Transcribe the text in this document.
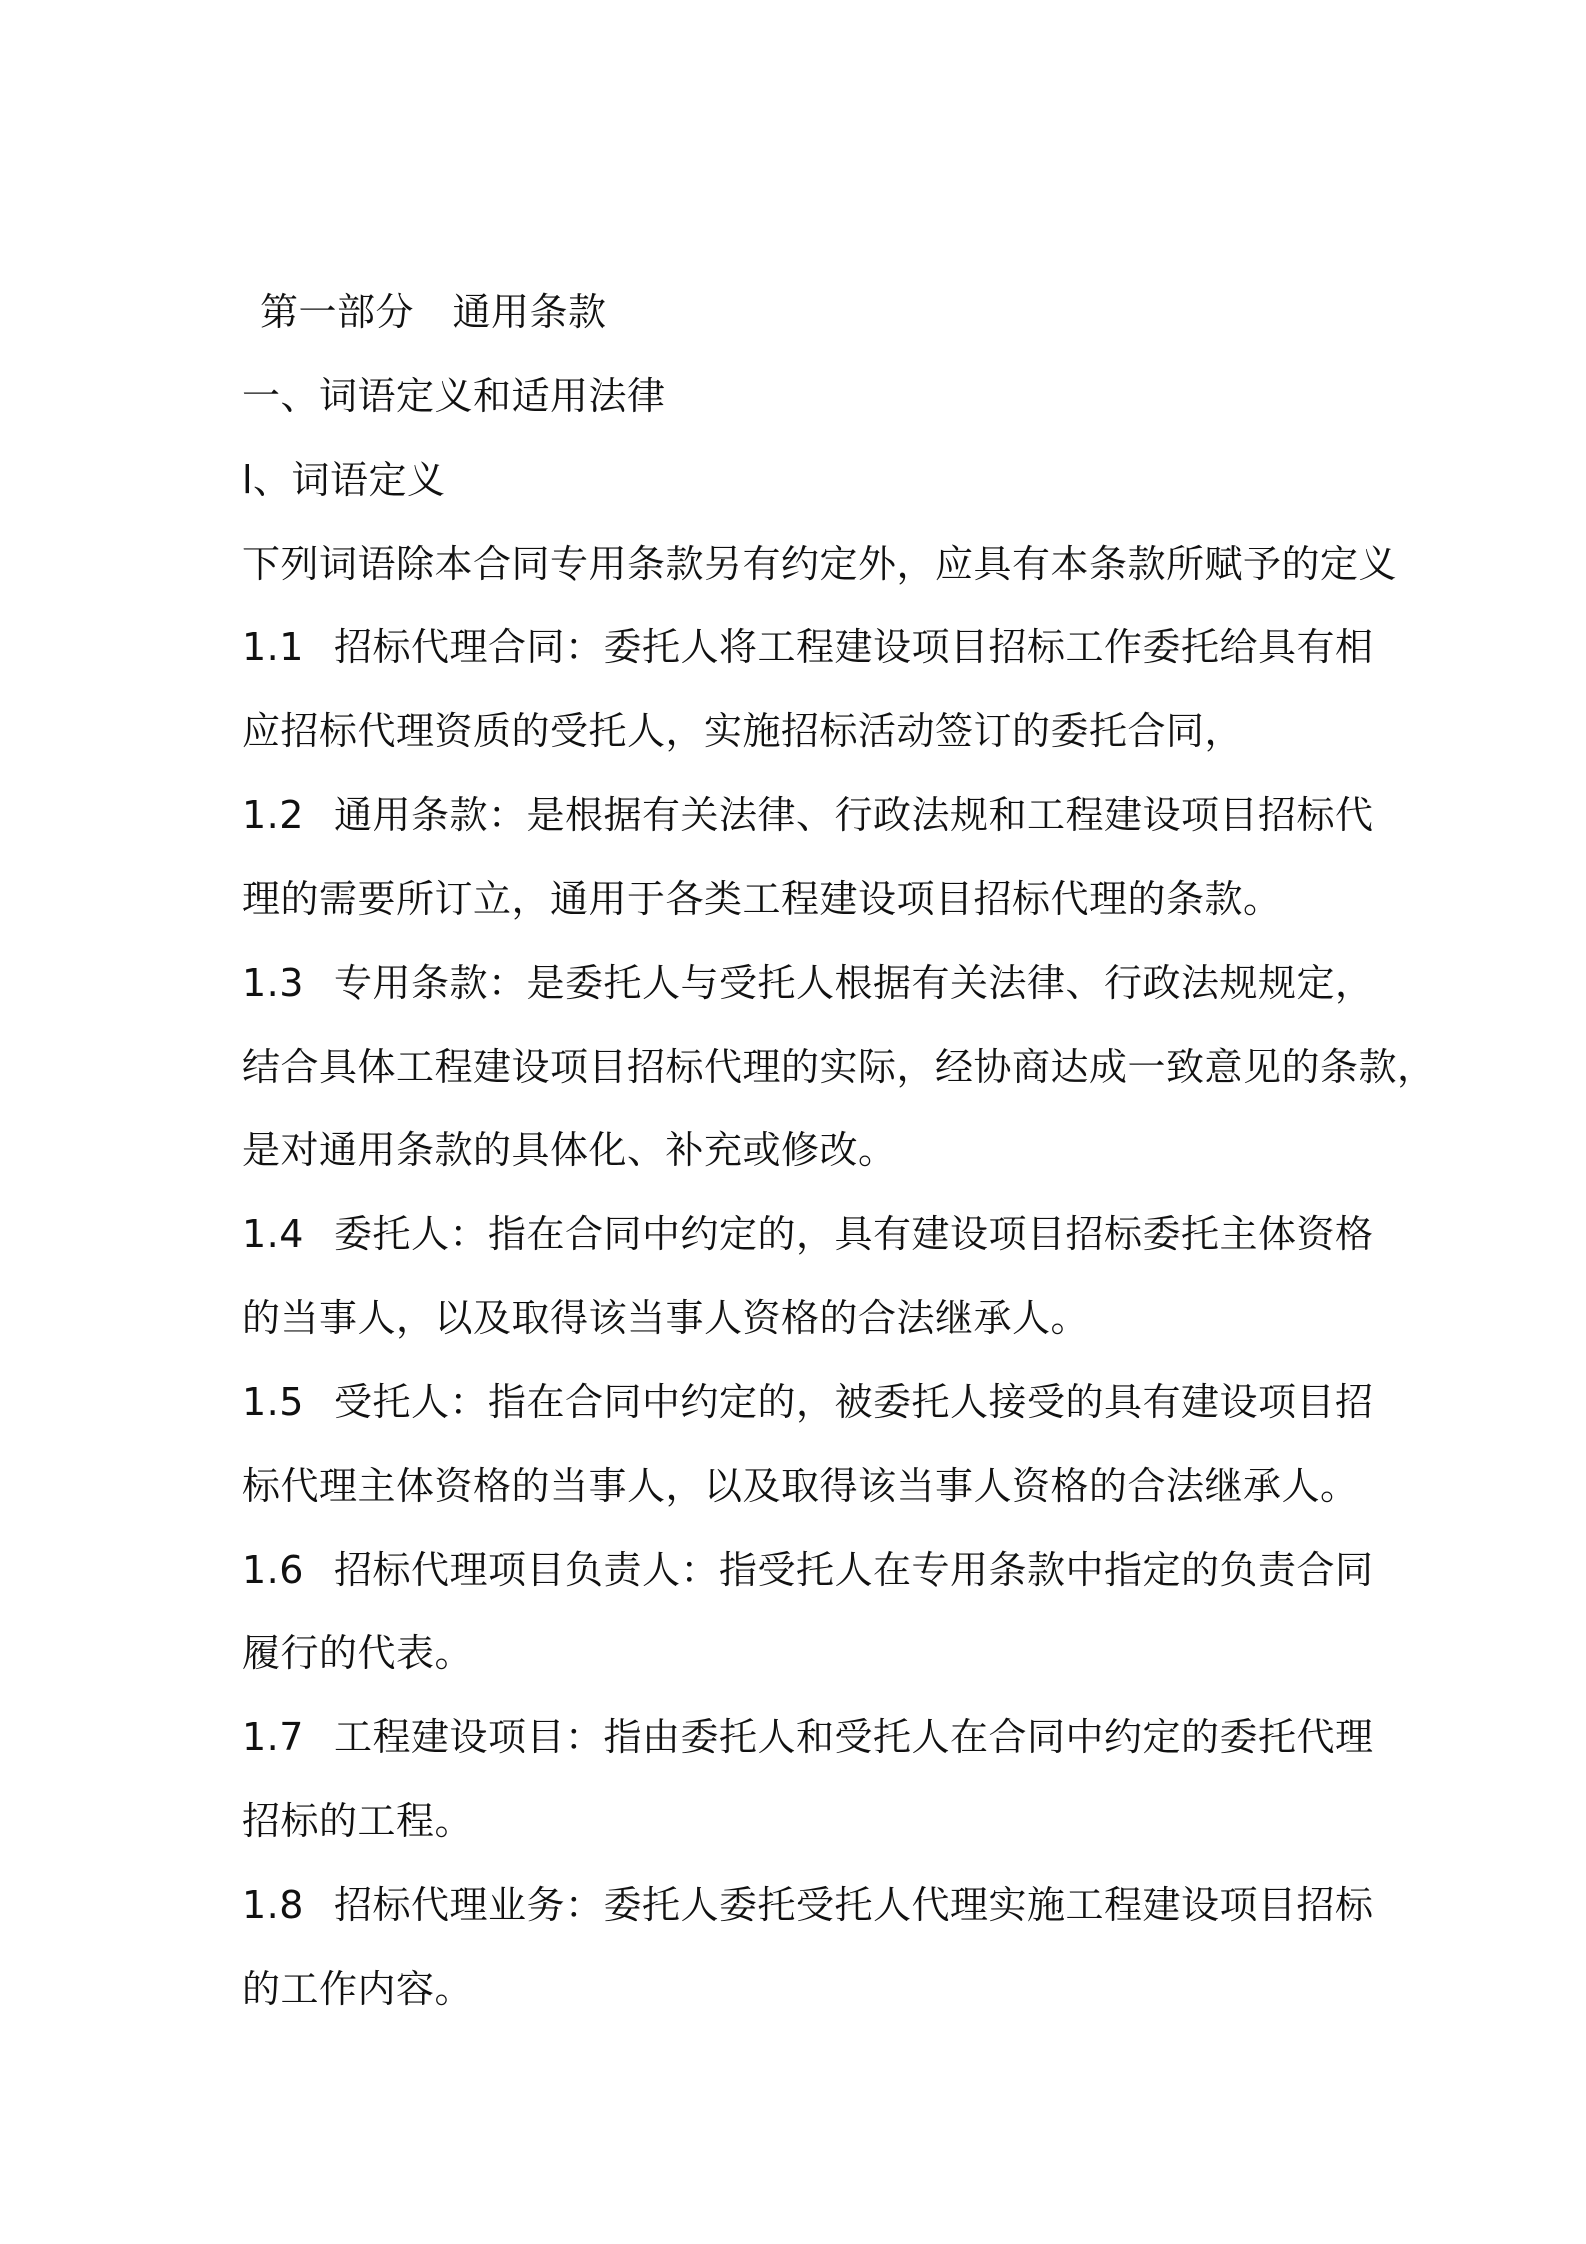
第一部分　通用条款
一、词语定义和适用法律
l、词语定义
下列词语除本合同专用条款另有约定外，应具有本条款所赋予的定义
1.1 招标代理合同：委托人将工程建设项目招标工作委托给具有相
应招标代理资质的受托人，实施招标活动签订的委托合同，
1.2 通用条款：是根据有关法律、行政法规和工程建设项目招标代
理的需要所订立，通用于各类工程建设项目招标代理的条款。
1.3 专用条款：是委托人与受托人根据有关法律、行政法规规定，
结合具体工程建设项目招标代理的实际，经协商达成一致意见的条款，
是对通用条款的具体化、补充或修改。
1.4 委托人：指在合同中约定的，具有建设项目招标委托主体资格
的当事人，以及取得该当事人资格的合法继承人。
1.5 受托人：指在合同中约定的，被委托人接受的具有建设项目招
标代理主体资格的当事人，以及取得该当事人资格的合法继承人。
1.6 招标代理项目负责人：指受托人在专用条款中指定的负责合同
履行的代表。
1.7 工程建设项目：指由委托人和受托人在合同中约定的委托代理
招标的工程。
1.8 招标代理业务：委托人委托受托人代理实施工程建设项目招标
的工作内容。
